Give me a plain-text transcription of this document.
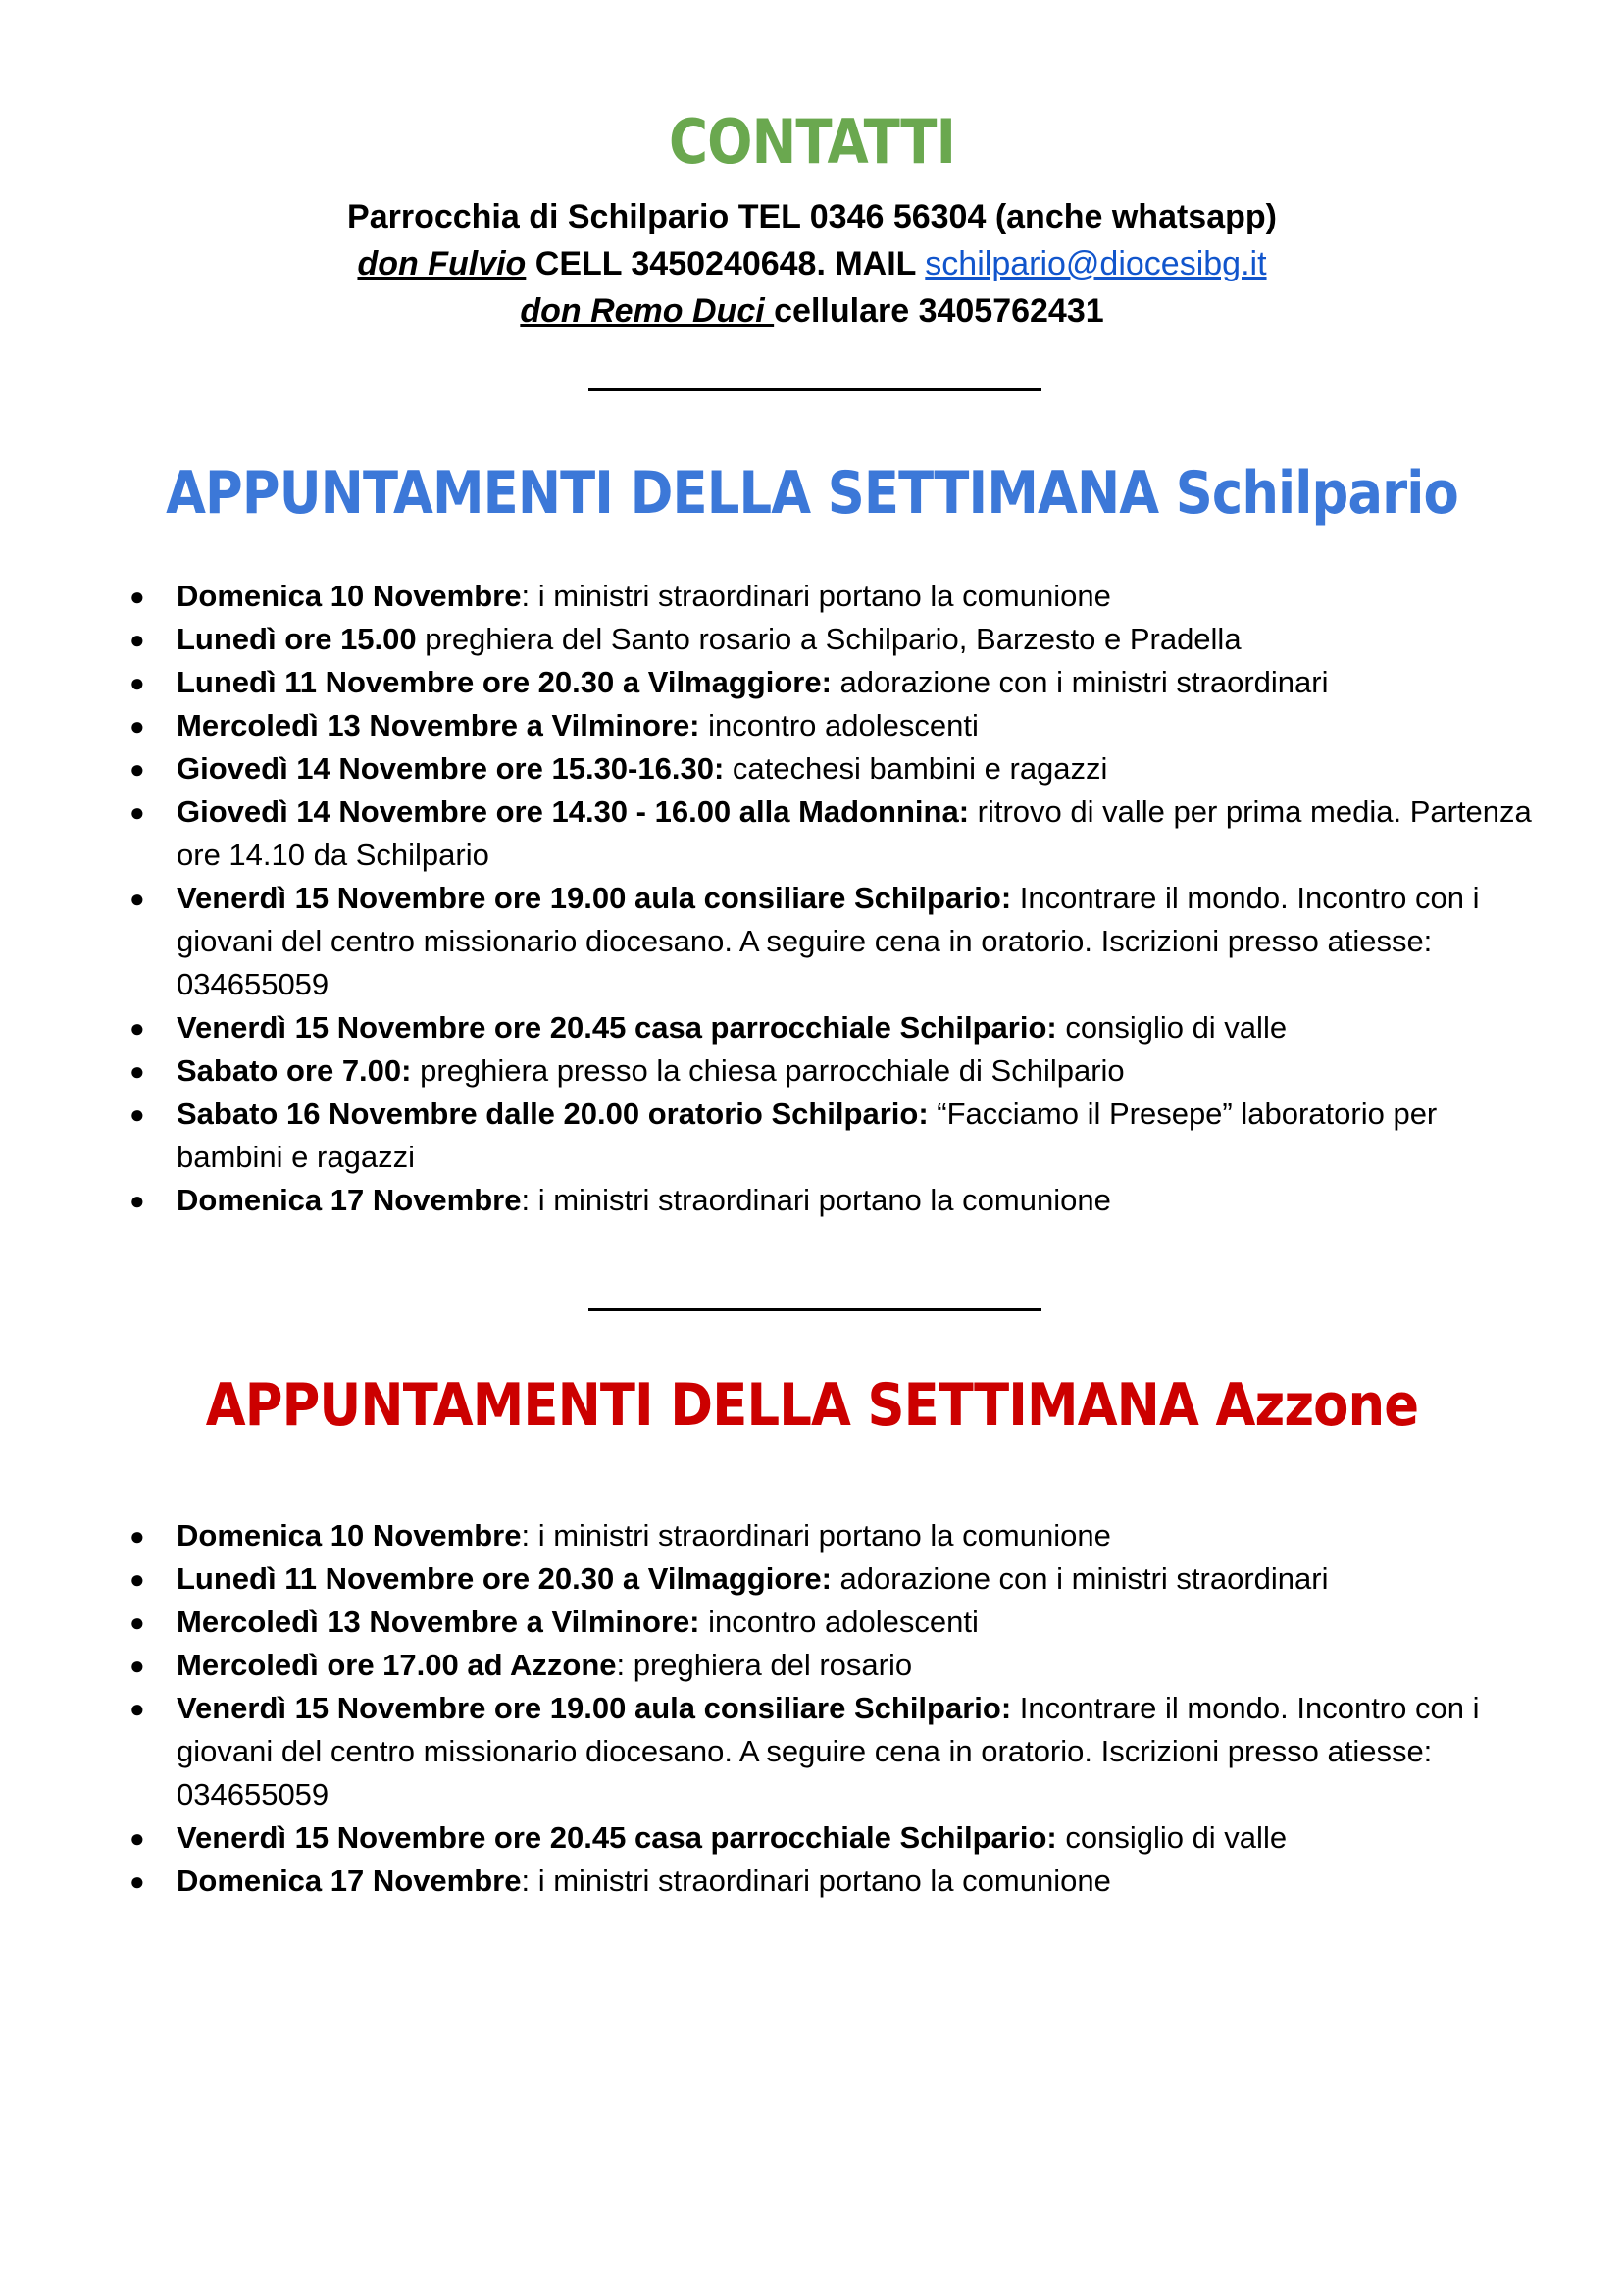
CONTATTI

Parrocchia di Schilpario TEL 0346 56304 (anche whatsapp)

don Fulvio CELL 3450240648. MAIL schilpario@diocesibg.it

don Remo Duci cellulare 3405762431

APPUNTAMENTI DELLA SETTIMANA Schilpario
● Domenica 10 Novembre: i ministri straordinari portano la comunione
● Lunedì ore 15.00 preghiera del Santo rosario a Schilpario, Barzesto e Pradella
● Lunedì 11 Novembre ore 20.30 a Vilmaggiore: adorazione con i ministri straordinari
● Mercoledì 13 Novembre a Vilminore: incontro adolescenti
● Giovedì 14 Novembre ore 15.30-16.30: catechesi bambini e ragazzi
● Giovedì 14 Novembre ore 14.30 - 16.00 alla Madonnina: ritrovo di valle per prima media. Partenza ore 14.10 da Schilpario
● Venerdì 15 Novembre ore 19.00 aula consiliare Schilpario: Incontrare il mondo. Incontro con i giovani del centro missionario diocesano. A seguire cena in oratorio. Iscrizioni presso atiesse: 034655059
● Venerdì 15 Novembre ore 20.45 casa parrocchiale Schilpario: consiglio di valle
● Sabato ore 7.00: preghiera presso la chiesa parrocchiale di Schilpario
● Sabato 16 Novembre dalle 20.00 oratorio Schilpario: “Facciamo il Presepe” laboratorio per bambini e ragazzi
● Domenica 17 Novembre: i ministri straordinari portano la comunione
APPUNTAMENTI DELLA SETTIMANA Azzone
● Domenica 10 Novembre: i ministri straordinari portano la comunione
● Lunedì 11 Novembre ore 20.30 a Vilmaggiore: adorazione con i ministri straordinari
● Mercoledì 13 Novembre a Vilminore: incontro adolescenti
● Mercoledì ore 17.00 ad Azzone: preghiera del rosario
● Venerdì 15 Novembre ore 19.00 aula consiliare Schilpario: Incontrare il mondo. Incontro con i giovani del centro missionario diocesano. A seguire cena in oratorio. Iscrizioni presso atiesse: 034655059
● Venerdì 15 Novembre ore 20.45 casa parrocchiale Schilpario: consiglio di valle
● Domenica 17 Novembre: i ministri straordinari portano la comunione
